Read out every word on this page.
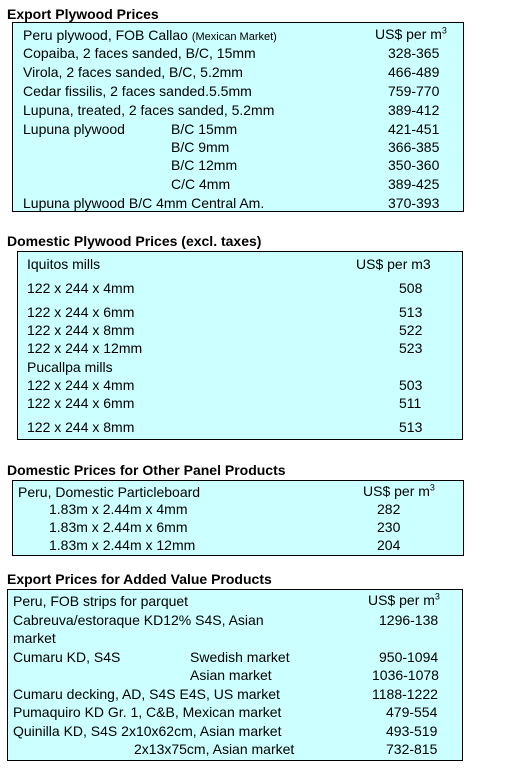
Export Plywood Prices
Peru plywood, FOB Callao (Mexican Market)	US$ per $m^3$
Copaiba, 2 faces sanded, B/C, 15mm	328-365
Virola, 2 faces sanded, B/C, 5.2mm	466-489
Cedar fissilis, 2 faces sanded.5.5mm	759-770
Lupuna, treated, 2 faces sanded, 5.2mm	389-412
Lupuna plywood	B/C 15mm	421-451
B/C 9mm	366-385
B/C 12mm	350-360
C/C 4mm	389-425
Lupuna plywood B/C 4mm Central Am.	370-393
Domestic Plywood Prices (excl. taxes)
Iquitos mills	US$ per m3
122 x 244 x 4mm	508
122 x 244 x 6mm	513
122 x 244 x 8mm	522
122 x 244 x 12mm	523
Pucallpa mills
122 x 244 x 4mm	503
122 x 244 x 6mm	511
122 x 244 x 8mm	513
Domestic Prices for Other Panel Products
Peru, Domestic Particleboard	US$ per $m^3$
1.83m x 2.44m x 4mm	282
1.83m x 2.44m x 6mm	230
1.83m x 2.44m x 12mm	204
Export Prices for Added Value Products
Peru, FOB strips for parquet	US$ per $m^3$
Cabreuva/estoraque KD12% S4S, Asian	1296-138
market
Cumaru KD, S4S	Swedish market	950-1094
Asian market	1036-1078
Cumaru decking, AD, S4S E4S, US market	1188-1222
Pumaquiro KD Gr. 1, C&B, Mexican market	479-554
Quinilla KD, S4S 2x10x62cm, Asian market	493-519
2x13x75cm, Asian market	732-815
